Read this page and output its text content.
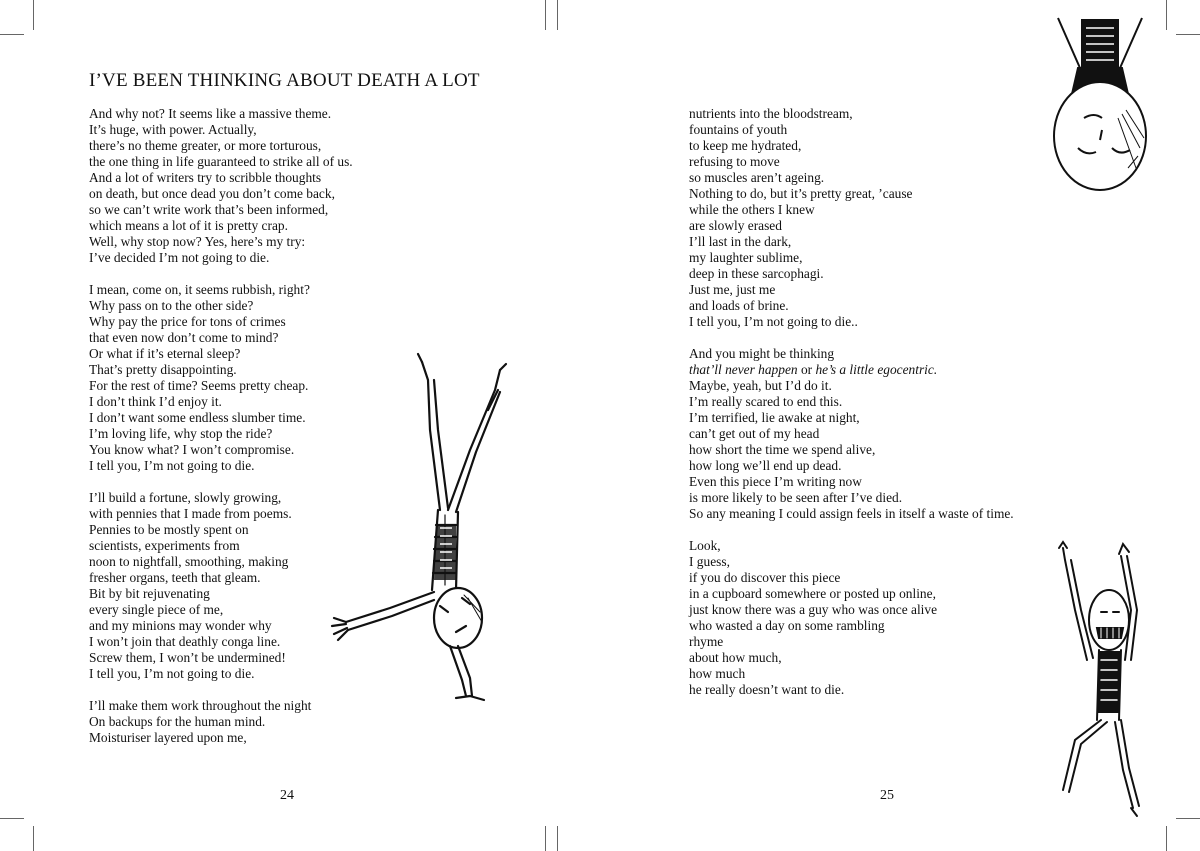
I’VE BEEN THINKING ABOUT DEATH A LOT
And why not? It seems like a massive theme.
It’s huge, with power. Actually,
there’s no theme greater, or more torturous,
the one thing in life guaranteed to strike all of us.
And a lot of writers try to scribble thoughts
on death, but once dead you don’t come back,
so we can’t write work that’s been informed,
which means a lot of it is pretty crap.
Well, why stop now? Yes, here’s my try:
I’ve decided I’m not going to die.
I mean, come on, it seems rubbish, right?
Why pass on to the other side?
Why pay the price for tons of crimes
that even now don’t come to mind?
Or what if it’s eternal sleep?
That’s pretty disappointing.
For the rest of time? Seems pretty cheap.
I don’t think I’d enjoy it.
I don’t want some endless slumber time.
I’m loving life, why stop the ride?
You know what? I won’t compromise.
I tell you, I’m not going to die.
I’ll build a fortune, slowly growing,
with pennies that I made from poems.
Pennies to be mostly spent on
scientists, experiments from
noon to nightfall, smoothing, making
fresher organs, teeth that gleam.
Bit by bit rejuvenating
every single piece of me,
and my minions may wonder why
I won’t join that deathly conga line.
Screw them, I won’t be undermined!
I tell you, I’m not going to die.
I’ll make them work throughout the night
On backups for the human mind.
Moisturiser layered upon me,
24
nutrients into the bloodstream,
fountains of youth
to keep me hydrated,
refusing to move
so muscles aren’t ageing.
Nothing to do, but it’s pretty great, ’cause
while the others I knew
are slowly erased
I’ll last in the dark,
my laughter sublime,
deep in these sarcophagi.
Just me, just me
and loads of brine.
I tell you, I’m not going to die..
And you might be thinking
that’ll never happen or he’s a little egocentric.
Maybe, yeah, but I’d do it.
I’m really scared to end this.
I’m terrified, lie awake at night,
can’t get out of my head
how short the time we spend alive,
how long we’ll end up dead.
Even this piece I’m writing now
is more likely to be seen after I’ve died.
So any meaning I could assign feels in itself a waste of time.
Look,
I guess,
if you do discover this piece
in a cupboard somewhere or posted up online,
just know there was a guy who was once alive
who wasted a day on some rambling
rhyme
about how much,
how much
he really doesn’t want to die.
25
